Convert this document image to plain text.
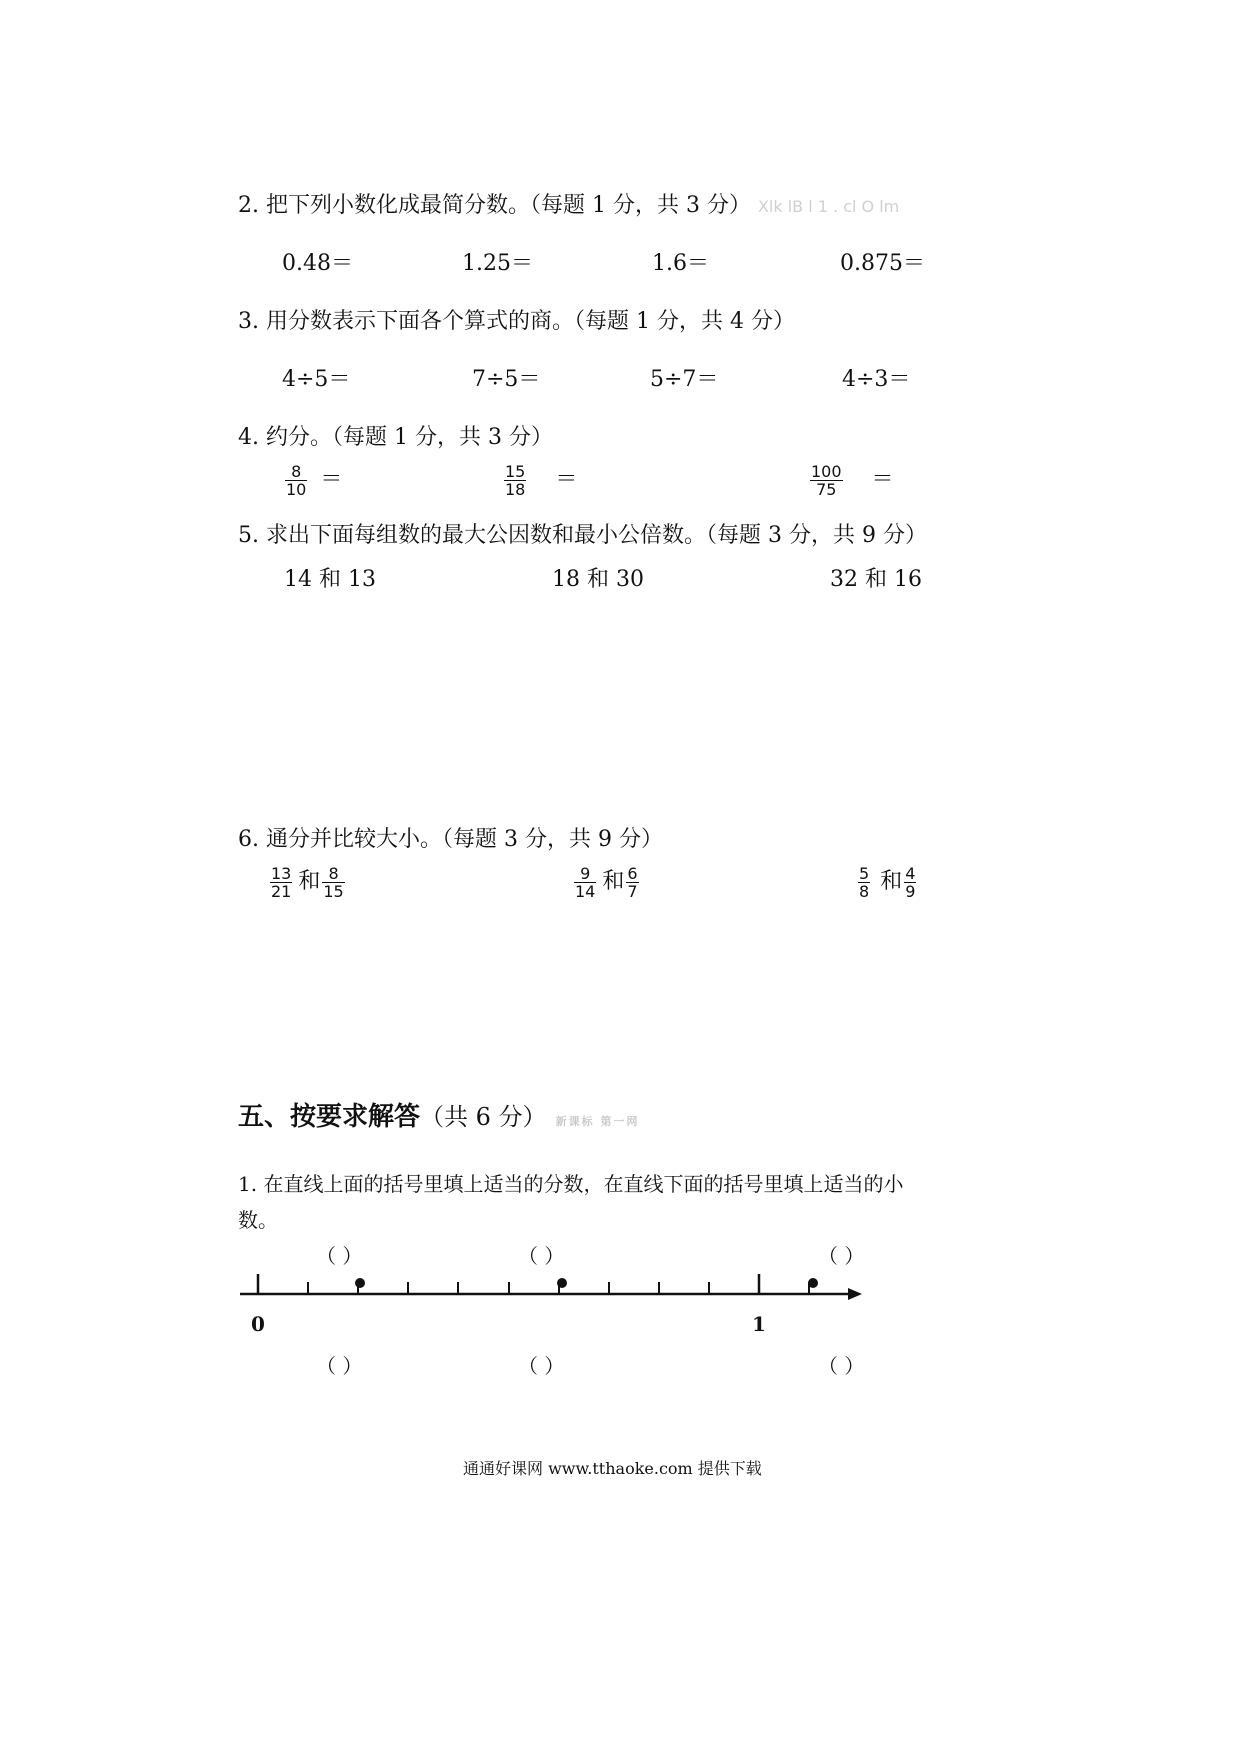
2. 把下列小数化成最简分数。（每题 1 分，共 3 分） Xlk lB l 1 . cl O lm
0.48＝	1.25＝	1.6＝	0.875＝
3. 用分数表示下面各个算式的商。（每题 1 分，共 4 分）
4÷5＝	7÷5＝	5÷7＝	4÷3＝
4. 约分。（每题 1 分，共 3 分）
$\frac{8}{10}$ ＝	$\frac{15}{18}$ ＝	$\frac{100}{75}$ ＝
5. 求出下面每组数的最大公因数和最小公倍数。（每题 3 分，共 9 分）
14 和 13	18 和 30	32 和 16
6. 通分并比较大小。（每题 3 分，共 9 分）
$\frac{13}{21}$ 和 $\frac{8}{15}$	$\frac{9}{14}$ 和 $\frac{6}{7}$	$\frac{5}{8}$ 和 $\frac{4}{9}$
五、按要求解答（共 6 分） 新课标 第一网
1. 在直线上面的括号里填上适当的分数，在直线下面的括号里填上适当的小
数。
（ ）	（ ）	（ ）
0	1
（ ）	（ ）	（ ）
通通好课网 www.tthaoke.com 提供下载
